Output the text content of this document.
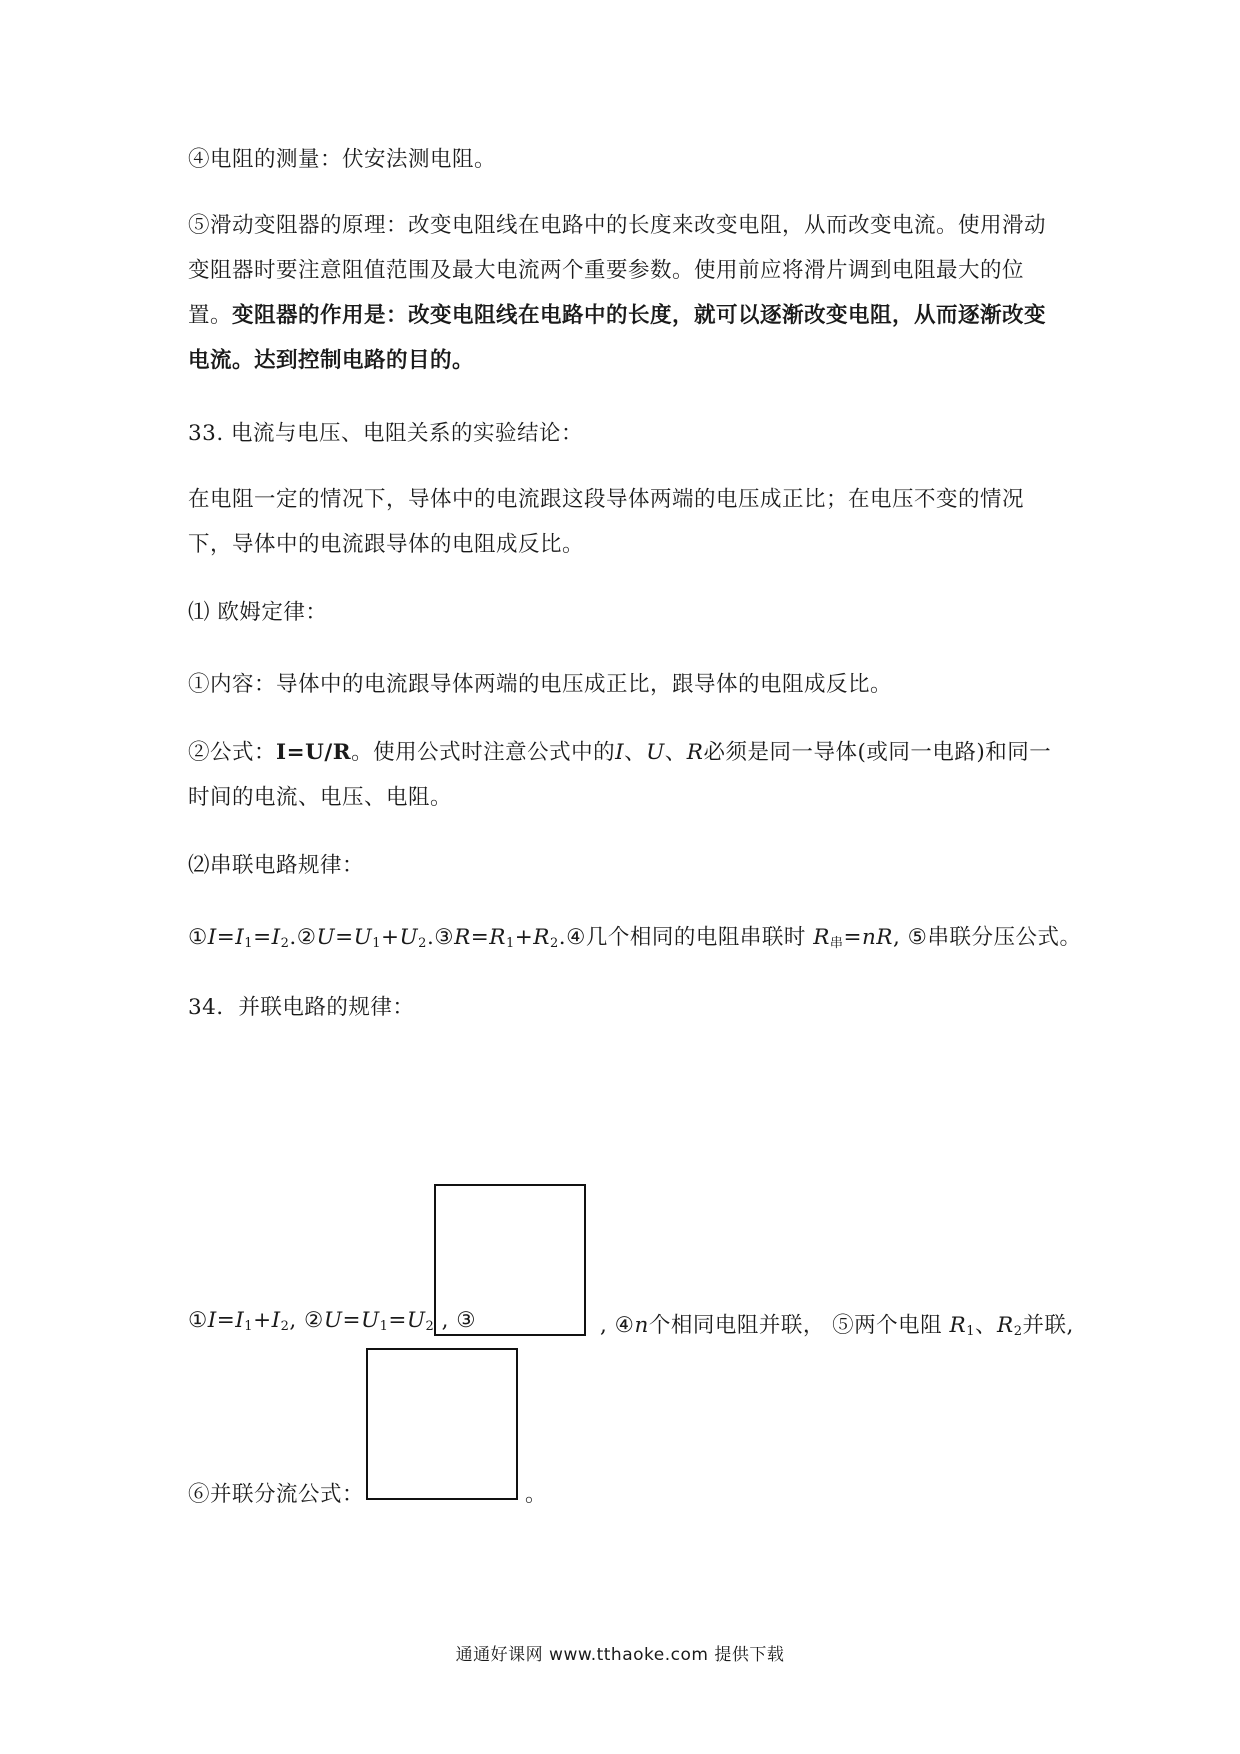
④电阻的测量：伏安法测电阻。
⑤滑动变阻器的原理：改变电阻线在电路中的长度来改变电阻，从而改变电流。使用滑动变阻器时要注意阻值范围及最大电流两个重要参数。使用前应将滑片调到电阻最大的位置。变阻器的作用是：改变电阻线在电路中的长度，就可以逐渐改变电阻，从而逐渐改变电流。达到控制电路的目的。
33. 电流与电压、电阻关系的实验结论：
在电阻一定的情况下，导体中的电流跟这段导体两端的电压成正比；在电压不变的情况下，导体中的电流跟导体的电阻成反比。
⑴ 欧姆定律：
①内容：导体中的电流跟导体两端的电压成正比，跟导体的电阻成反比。
②公式：I=U/R。使用公式时注意公式中的I、U、R必须是同一导体(或同一电路)和同一时间的电流、电压、电阻。
⑵串联电路规律：
$①I=I_1=I_2.②U=U_1+U_2.③R=R_1+R_2.④$几个相同的电阻串联时 $R_串=nR$, ⑤串联分压公式。
34．并联电路的规律：
$①I=I_1+I_2$, $②U=U_1=U_2$ , ③	, ④n个相同电阻并联， ⑤两个电阻 $R_1$、$R_2$并联,
⑥并联分流公式：	。
通通好课网 www.tthaoke.com 提供下载
